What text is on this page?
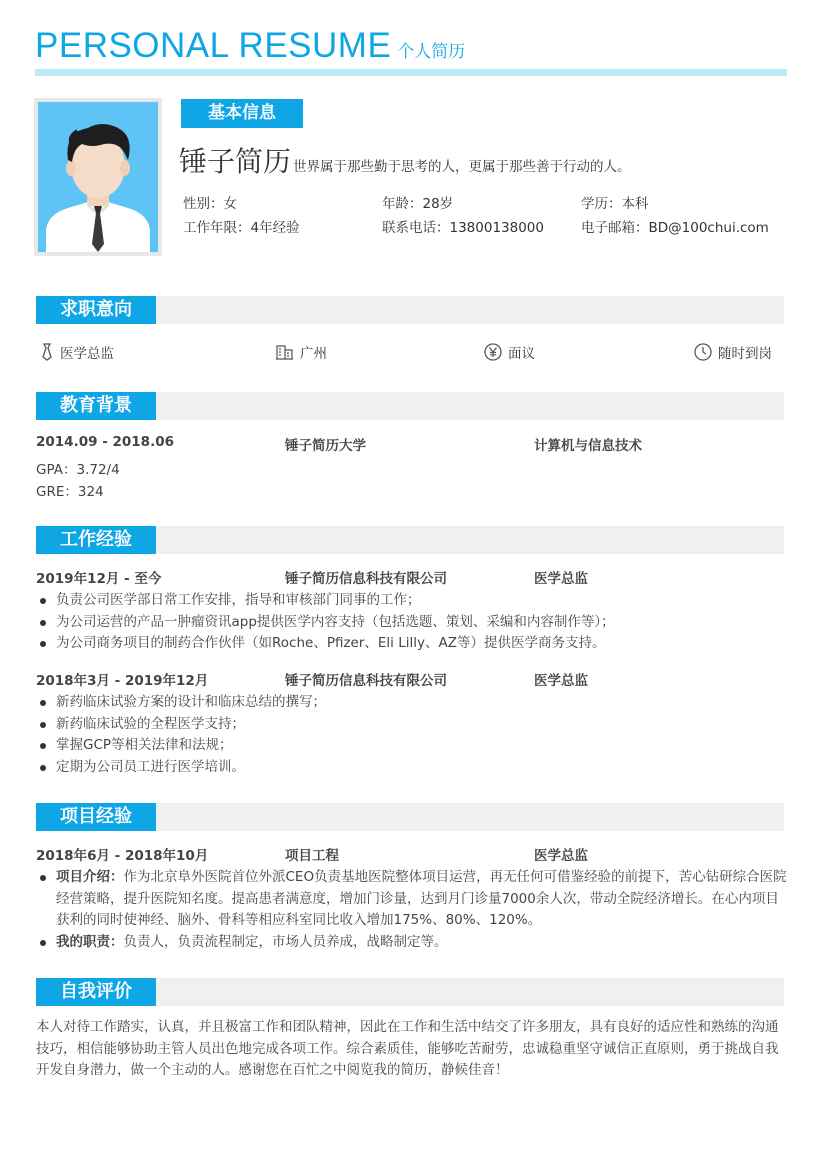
PERSONAL RESUME 个人简历
基本信息
锤子简历 世界属于那些勤于思考的人，更属于那些善于行动的人。
性别：女	年龄：28岁	学历：本科
工作年限：4年经验	联系电话：13800138000	电子邮箱：BD@100chui.com
求职意向
医学总监	广州	面议	随时到岗
教育背景
2014.09 - 2018.06	锤子简历大学	计算机与信息技术
GPA：3.72/4
GRE：324
工作经验
2019年12月 - 至今	锤子简历信息科技有限公司	医学总监
负责公司医学部日常工作安排，指导和审核部门同事的工作；
为公司运营的产品一肿瘤资讯app提供医学内容支持（包括选题、策划、采编和内容制作等）；
为公司商务项目的制药合作伙伴（如Roche、Pfizer、Eli Lilly、AZ等）提供医学商务支持。
2018年3月 - 2019年12月	锤子简历信息科技有限公司	医学总监
新药临床试验方案的设计和临床总结的撰写；
新药临床试验的全程医学支持；
掌握GCP等相关法律和法规；
定期为公司员工进行医学培训。
项目经验
2018年6月 - 2018年10月	项目工程	医学总监
项目介绍：作为北京阜外医院首位外派CEO负责基地医院整体项目运营，再无任何可借鉴经验的前提下，苦心钻研综合医院经营策略，提升医院知名度。提高患者满意度，增加门诊量，达到月门诊量7000余人次，带动全院经济增长。在心内项目获利的同时使神经、脑外、骨科等相应科室同比收入增加175%、80%、120%。
我的职责：负责人，负责流程制定，市场人员养成，战略制定等。
自我评价
本人对待工作踏实，认真，并且极富工作和团队精神，因此在工作和生活中结交了许多朋友，具有良好的适应性和熟练的沟通技巧，相信能够协助主管人员出色地完成各项工作。综合素质佳，能够吃苦耐劳，忠诚稳重坚守诚信正直原则，勇于挑战自我开发自身潜力，做一个主动的人。感谢您在百忙之中阅览我的简历，静候佳音！
